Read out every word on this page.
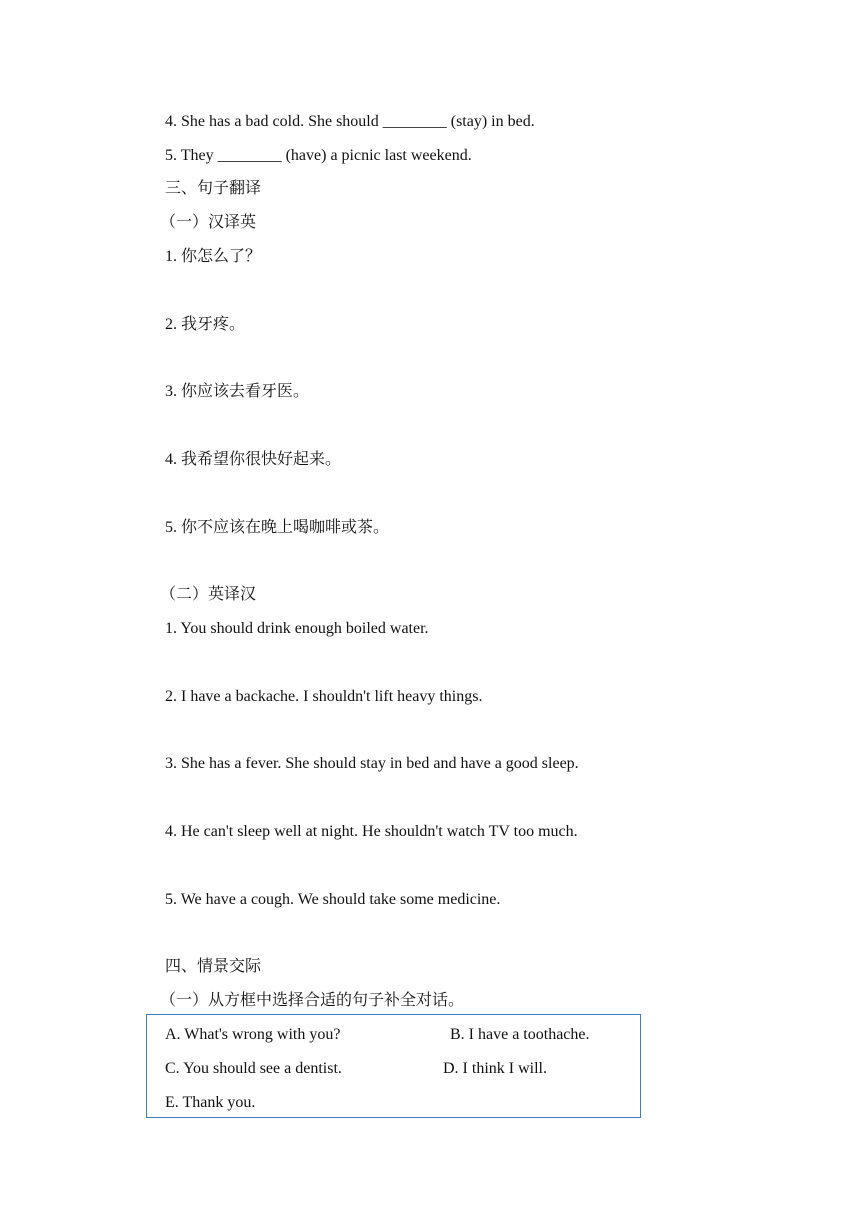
4. She has a bad cold. She should ________ (stay) in bed.
5. They ________ (have) a picnic last weekend.
三、句子翻译
（一）汉译英
1. 你怎么了？
2. 我牙疼。
3. 你应该去看牙医。
4. 我希望你很快好起来。
5. 你不应该在晚上喝咖啡或茶。
（二）英译汉
1. You should drink enough boiled water.
2. I have a backache. I shouldn't lift heavy things.
3. She has a fever. She should stay in bed and have a good sleep.
4. He can't sleep well at night. He shouldn't watch TV too much.
5. We have a cough. We should take some medicine.
四、情景交际
（一）从方框中选择合适的句子补全对话。
A. What's wrong with you?	B. I have a toothache.
C. You should see a dentist.	D. I think I will.
E. Thank you.
